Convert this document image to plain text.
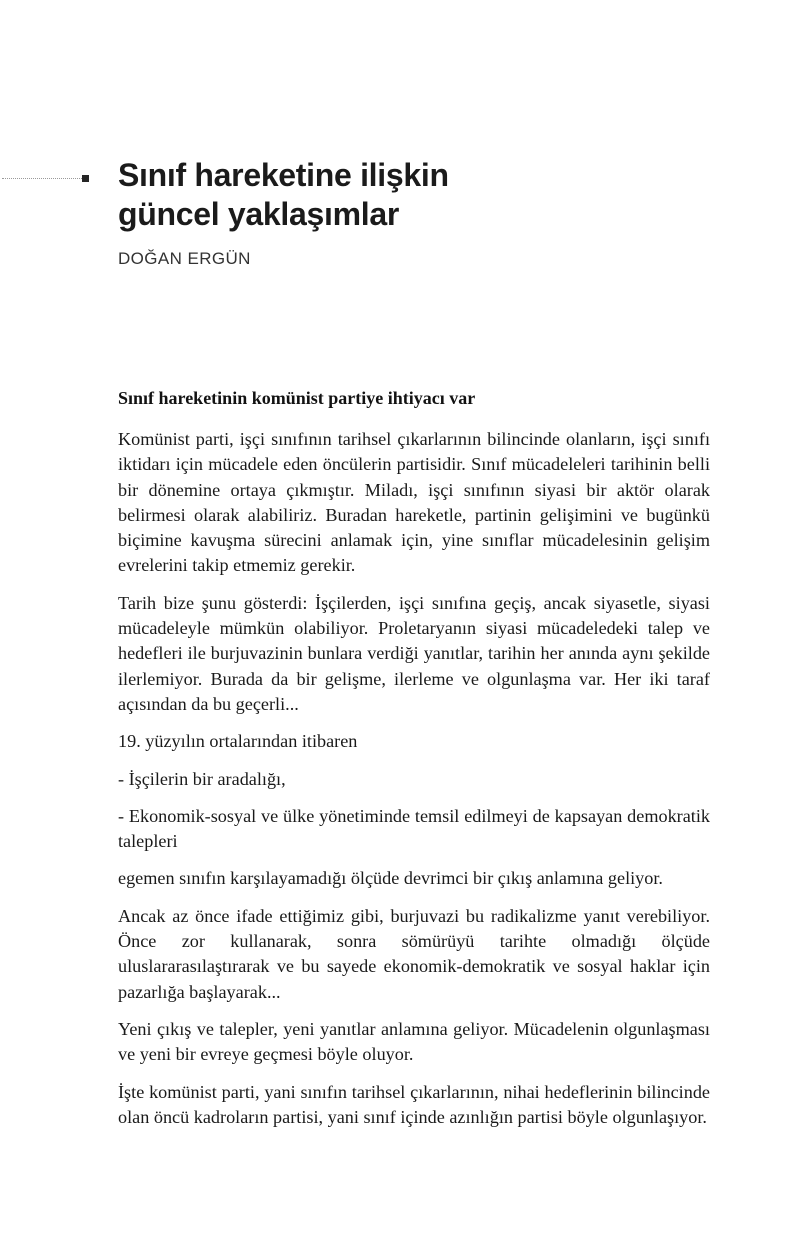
Sınıf hareketine ilişkin
güncel yaklaşımlar
DOĞAN ERGÜN
Sınıf hareketinin komünist partiye ihtiyacı var

Komünist parti, işçi sınıfının tarihsel çıkarlarının bilincinde olanların, işçi sınıfı iktidarı için mücadele eden öncülerin partisidir. Sınıf mücadeleleri tarihinin belli bir dönemine ortaya çıkmıştır. Miladı, işçi sınıfının siyasi bir aktör olarak belirmesi olarak alabiliriz. Buradan hareketle, partinin gelişimini ve bugünkü biçimine kavuşma sürecini anlamak için, yine sınıflar mücadelesinin gelişim evrelerini takip etmemiz gerekir.

Tarih bize şunu gösterdi: İşçilerden, işçi sınıfına geçiş, ancak siyasetle, siyasi mücadeleyle mümkün olabiliyor. Proletaryanın siyasi mücadeledeki talep ve hedefleri ile burjuvazinin bunlara verdiği yanıtlar, tarihin her anında aynı şekilde ilerlemiyor. Burada da bir gelişme, ilerleme ve olgunlaşma var. Her iki taraf açısından da bu geçerli...

19. yüzyılın ortalarından itibaren

- İşçilerin bir aradalığı,

- Ekonomik-sosyal ve ülke yönetiminde temsil edilmeyi de kapsayan demokratik talepleri

egemen sınıfın karşılayamadığı ölçüde devrimci bir çıkış anlamına geliyor.

Ancak az önce ifade ettiğimiz gibi, burjuvazi bu radikalizme yanıt verebiliyor. Önce zor kullanarak, sonra sömürüyü tarihte olmadığı ölçüde uluslararasılaştırarak ve bu sayede ekonomik-demokratik ve sosyal haklar için pazarlığa başlayarak...

Yeni çıkış ve talepler, yeni yanıtlar anlamına geliyor. Mücadelenin olgunlaşması ve yeni bir evreye geçmesi böyle oluyor.

İşte komünist parti, yani sınıfın tarihsel çıkarlarının, nihai hedeflerinin bilincinde olan öncü kadroların partisi, yani sınıf içinde azınlığın partisi böyle olgunlaşıyor.
